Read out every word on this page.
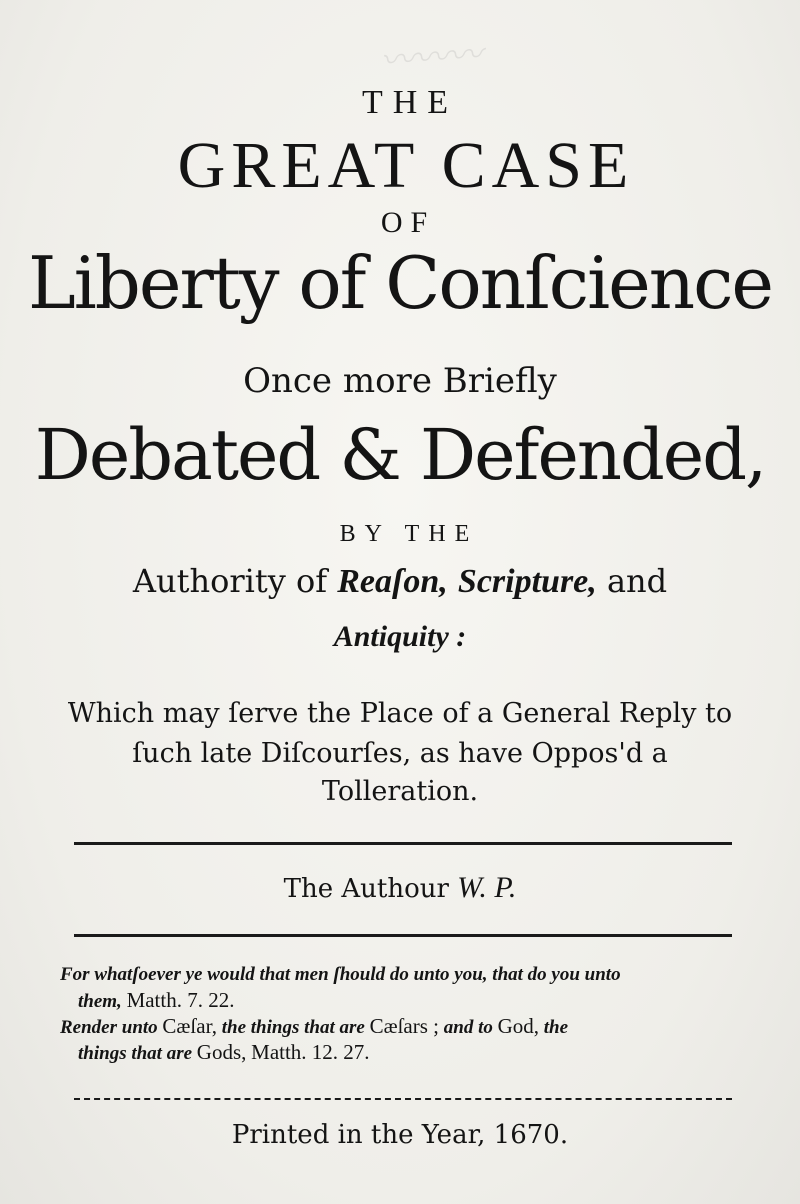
〰〰〰
THE
GREAT CASE
OF
Liberty of Conſcience
Once more Briefly
Debated & Defended,
BY THE
Authority of Reaſon, Scripture, and
Antiquity :
Which may ſerve the Place of a General Reply to
ſuch late Diſcourſes, as have Oppos'd a
Tolleration.
The Authour W. P.
For whatſoever ye would that men ſhould do unto you, that do you unto
them, Matth. 7. 22.
Render unto Cæſar, the things that are Cæſars ; and to God, the
things that are Gods, Matth. 12. 27.
Printed in the Year, 1670.
